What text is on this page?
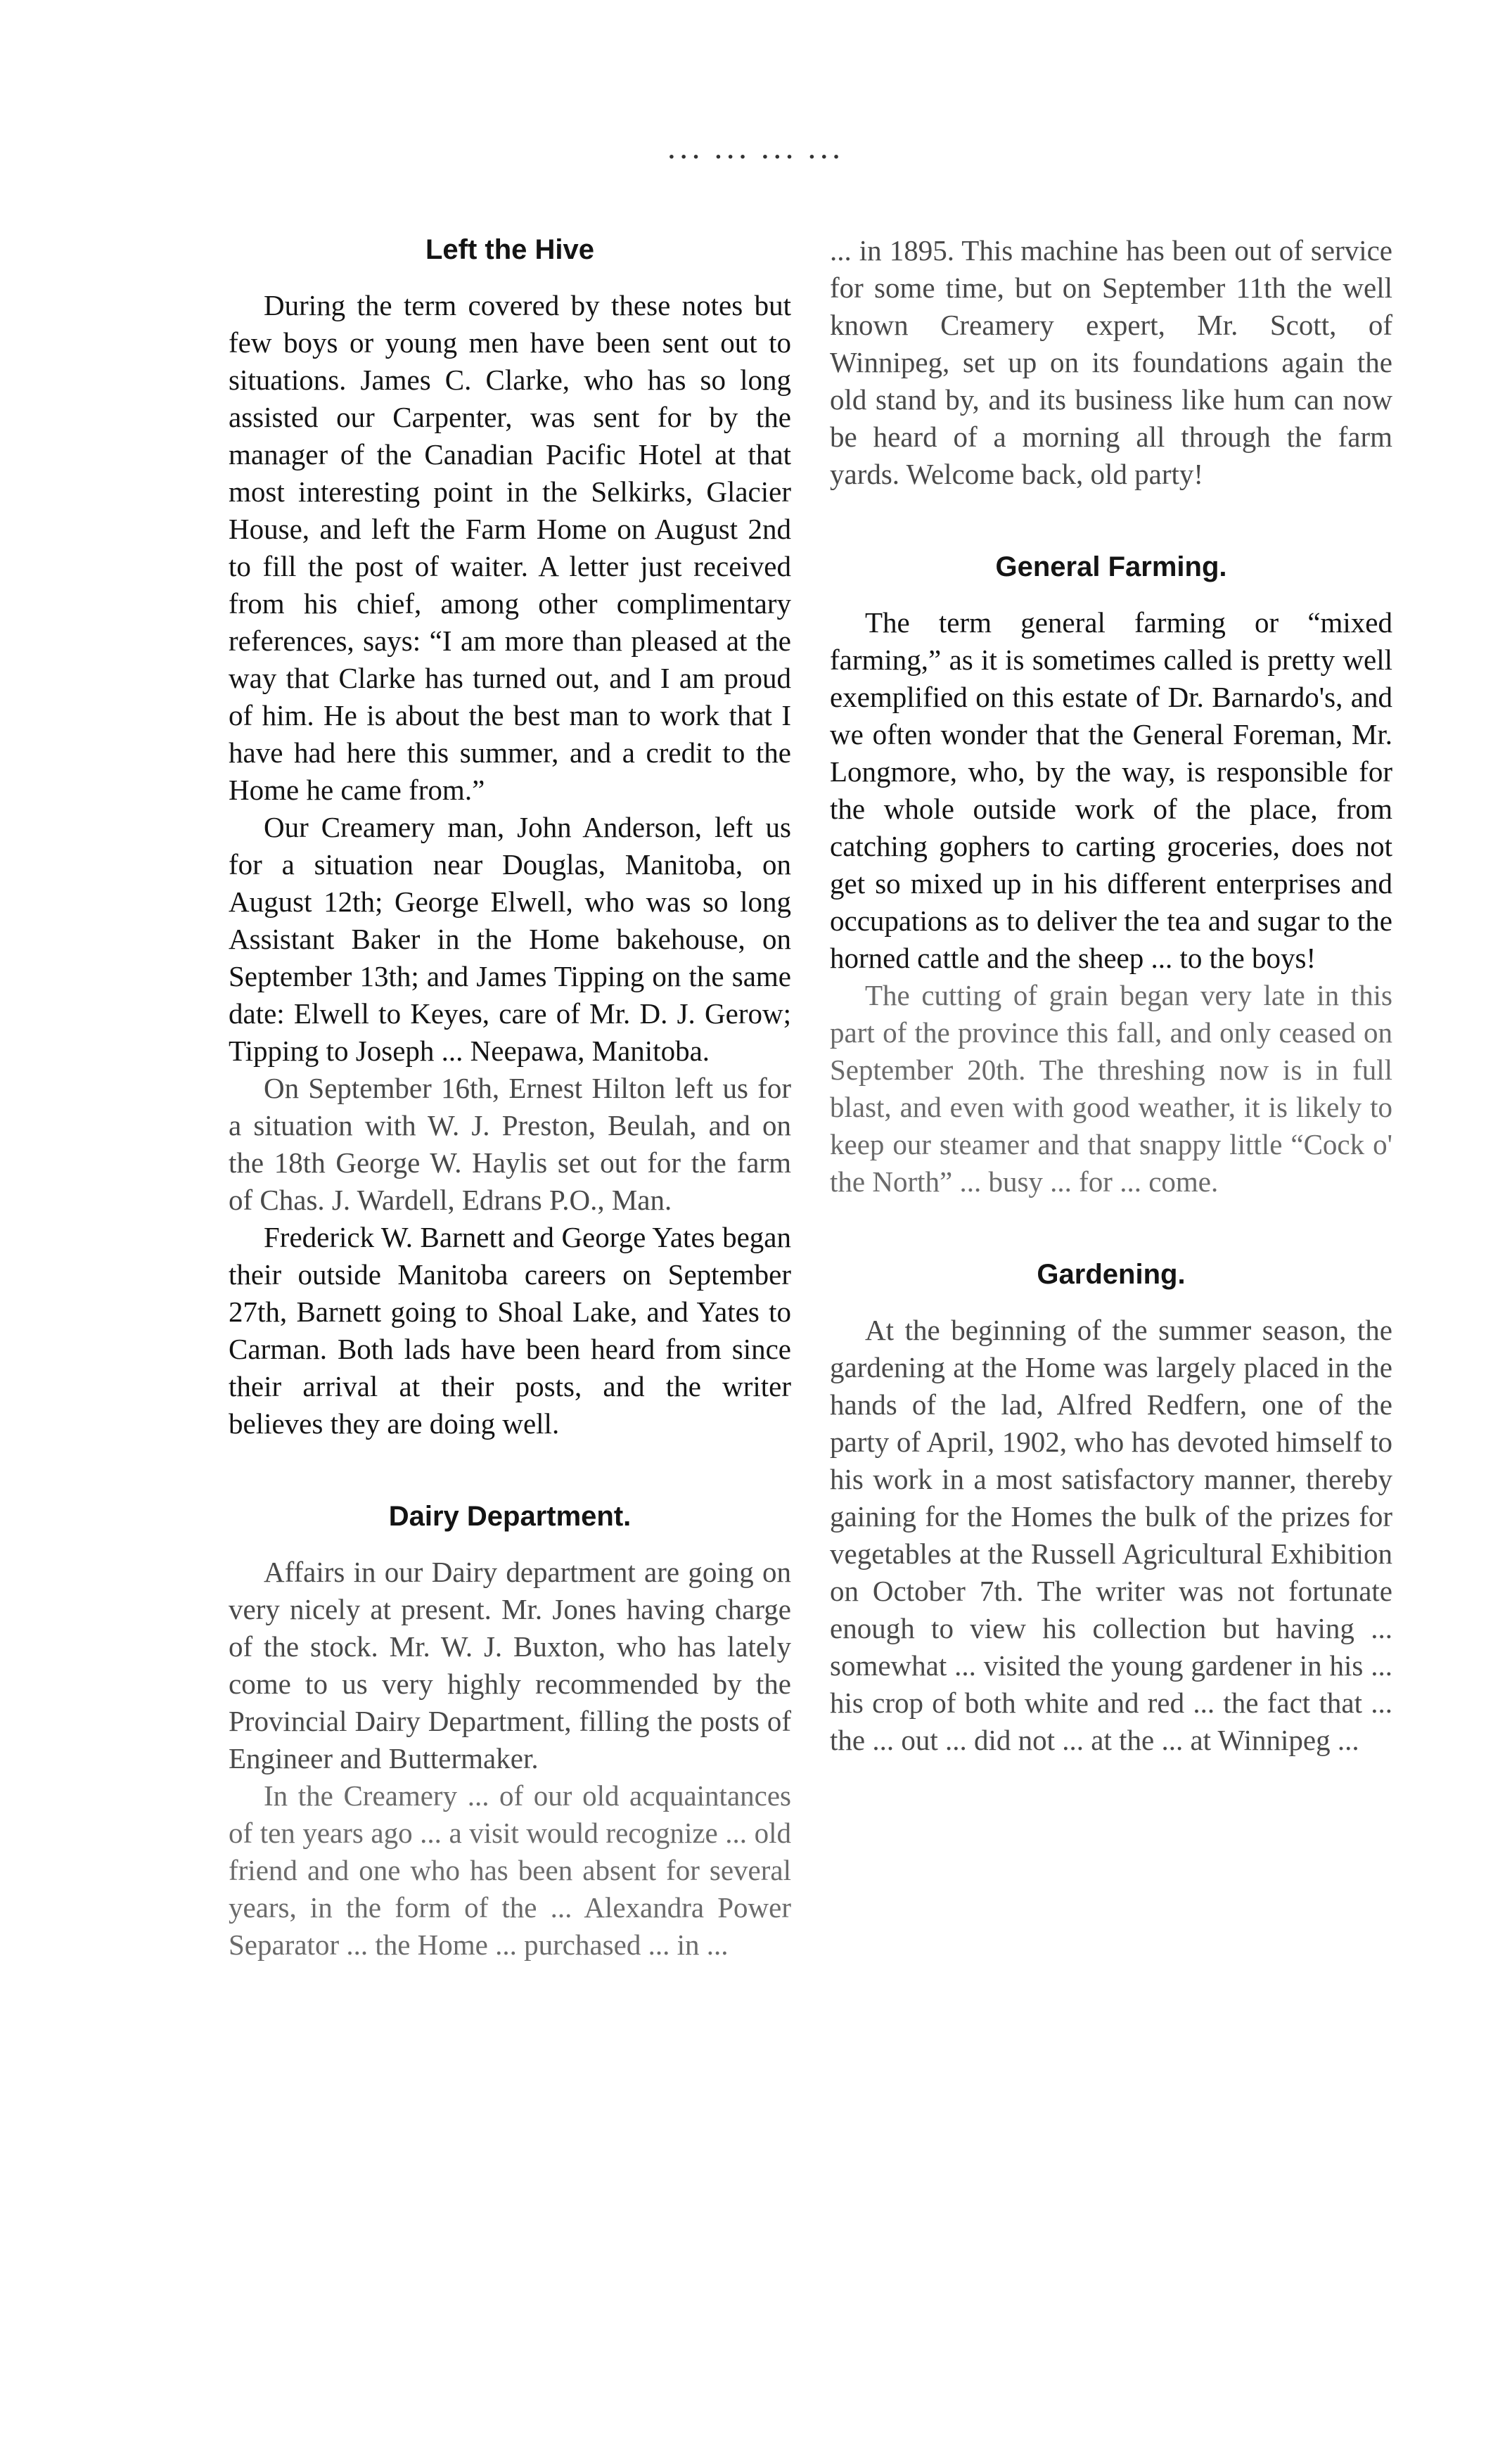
··· ··· ··· ···
Left the Hive

During the term covered by these notes but few boys or young men have been sent out to situations. James C. Clarke, who has so long assisted our Carpenter, was sent for by the manager of the Canadian Pacific Hotel at that most interesting point in the Selkirks, Glacier House, and left the Farm Home on August 2nd to fill the post of waiter. A letter just received from his chief, among other complimentary references, says: “I am more than pleased at the way that Clarke has turned out, and I am proud of him. He is about the best man to work that I have had here this summer, and a credit to the Home he came from.”

Our Creamery man, John Anderson, left us for a situation near Douglas, Manitoba, on August 12th; George Elwell, who was so long Assistant Baker in the Home bakehouse, on September 13th; and James Tipping on the same date: Elwell to Keyes, care of Mr. D. J. Gerow; Tipping to Joseph ... Neepawa, Manitoba.

On September 16th, Ernest Hilton left us for a situation with W. J. Preston, Beulah, and on the 18th George W. Haylis set out for the farm of Chas. J. Wardell, Edrans P.O., Man.

Frederick W. Barnett and George Yates began their outside Manitoba careers on September 27th, Barnett going to Shoal Lake, and Yates to Carman. Both lads have been heard from since their arrival at their posts, and the writer believes they are doing well.

Dairy Department.

Affairs in our Dairy department are going on very nicely at present. Mr. Jones having charge of the stock. Mr. W. J. Buxton, who has lately come to us very highly recommended by the Provincial Dairy Department, filling the posts of Engineer and Buttermaker.

In the Creamery ... of our old acquaintances of ten years ago ... a visit would recognize ... old friend and one who has been absent for several years, in the form of the ... Alexandra Power Separator ... the Home ... purchased ... in ...

... in 1895. This machine has been out of service for some time, but on September 11th the well known Creamery expert, Mr. Scott, of Winnipeg, set up on its foundations again the old stand by, and its business like hum can now be heard of a morning all through the farm yards. Welcome back, old party!

General Farming.

The term general farming or “mixed farming,” as it is sometimes called is pretty well exemplified on this estate of Dr. Barnardo's, and we often wonder that the General Foreman, Mr. Longmore, who, by the way, is responsible for the whole outside work of the place, from catching gophers to carting groceries, does not get so mixed up in his different enterprises and occupations as to deliver the tea and sugar to the horned cattle and the sheep ... to the boys!

The cutting of grain began very late in this part of the province this fall, and only ceased on September 20th. The threshing now is in full blast, and even with good weather, it is likely to keep our steamer and that snappy little “Cock o' the North” ... busy ... for ... come.

Gardening.

At the beginning of the summer season, the gardening at the Home was largely placed in the hands of the lad, Alfred Redfern, one of the party of April, 1902, who has devoted himself to his work in a most satisfactory manner, thereby gaining for the Homes the bulk of the prizes for vegetables at the Russell Agricultural Exhibition on October 7th. The writer was not fortunate enough to view his collection but having ... somewhat ... visited the young gardener in his ... his crop of both white and red ... the fact that ... the ... out ... did not ... at the ... at Winnipeg ...
